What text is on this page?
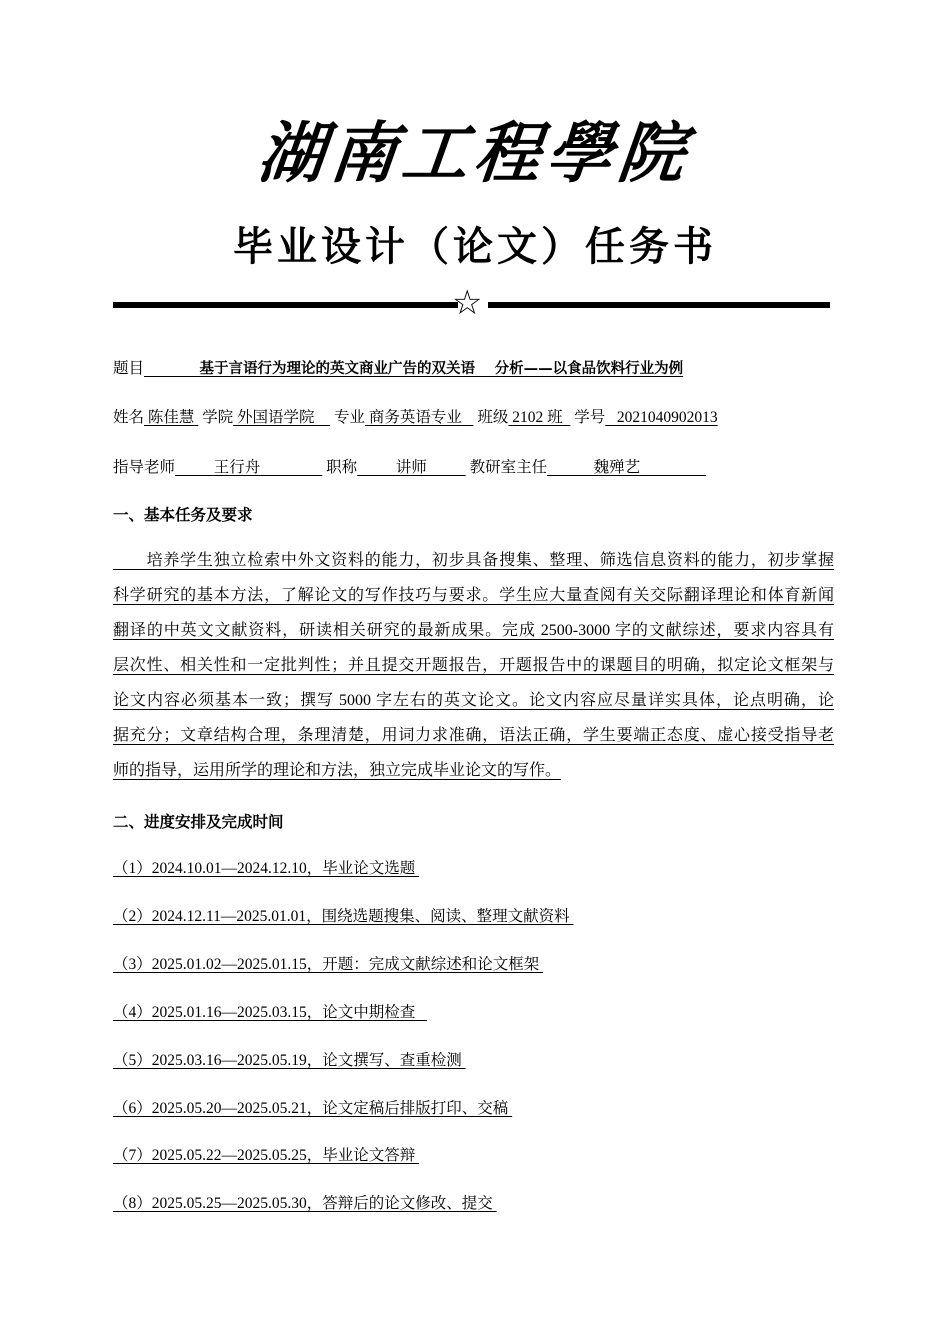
湖南工程學院
毕业设计（论文）任务书
☆
题目	基于言语行为理论的英文商业广告的双关语　 分析——以食品饮料行业为例
姓名 陈佳慧 学院 外国语学院 专业 商务英语专业 班级 2102 班 学号 2021040902013
指导老师	王行舟	职称	讲师	教研室主任	魏殚艺
一、基本任务及要求
二、进度安排及完成时间
　　培养学生独立检索中外文资料的能力，初步具备搜集、整理、筛选信息资料的能力，初步掌握
科学研究的基本方法，了解论文的写作技巧与要求。学生应大量查阅有关交际翻译理论和体育新闻
翻译的中英文文献资料，研读相关研究的最新成果。完成 2500-3000 字的文献综述，要求内容具有
层次性、相关性和一定批判性；并且提交开题报告，开题报告中的课题目的明确，拟定论文框架与
论文内容必须基本一致；撰写 5000 字左右的英文论文。论文内容应尽量详实具体，论点明确，论
据充分；文章结构合理，条理清楚，用词力求准确，语法正确，学生要端正态度、虚心接受指导老
师的指导，运用所学的理论和方法，独立完成毕业论文的写作。
（1）2024.10.01—2024.12.10，毕业论文选题
（2）2024.12.11—2025.01.01，围绕选题搜集、阅读、整理文献资料
（3）2025.01.02—2025.01.15，开题：完成文献综述和论文框架
（4）2025.01.16—2025.03.15，论文中期检查
（5）2025.03.16—2025.05.19，论文撰写、查重检测
（6）2025.05.20—2025.05.21，论文定稿后排版打印、交稿
（7）2025.05.22—2025.05.25，毕业论文答辩
（8）2025.05.25—2025.05.30，答辩后的论文修改、提交
